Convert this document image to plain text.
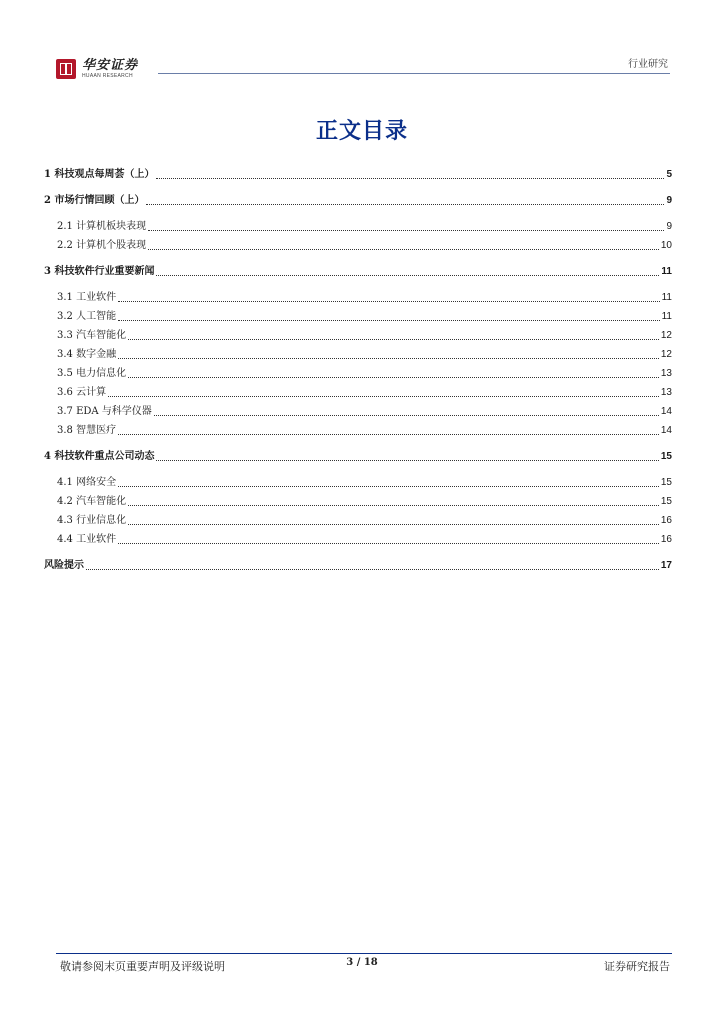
华安证券
HUAAN RESEARCH
行业研究
正文目录
1 科技观点每周荟（上）	5
2 市场行情回顾（上）	9
2.1 计算机板块表现	9
2.2 计算机个股表现	10
3 科技软件行业重要新闻	11
3.1 工业软件	11
3.2 人工智能	11
3.3 汽车智能化	12
3.4 数字金融	12
3.5 电力信息化	13
3.6 云计算	13
3.7 EDA 与科学仪器	14
3.8 智慧医疗	14
4 科技软件重点公司动态	15
4.1 网络安全	15
4.2 汽车智能化	15
4.3 行业信息化	16
4.4 工业软件	16
风险提示	17
敬请参阅末页重要声明及评级说明	3 / 18	证券研究报告
